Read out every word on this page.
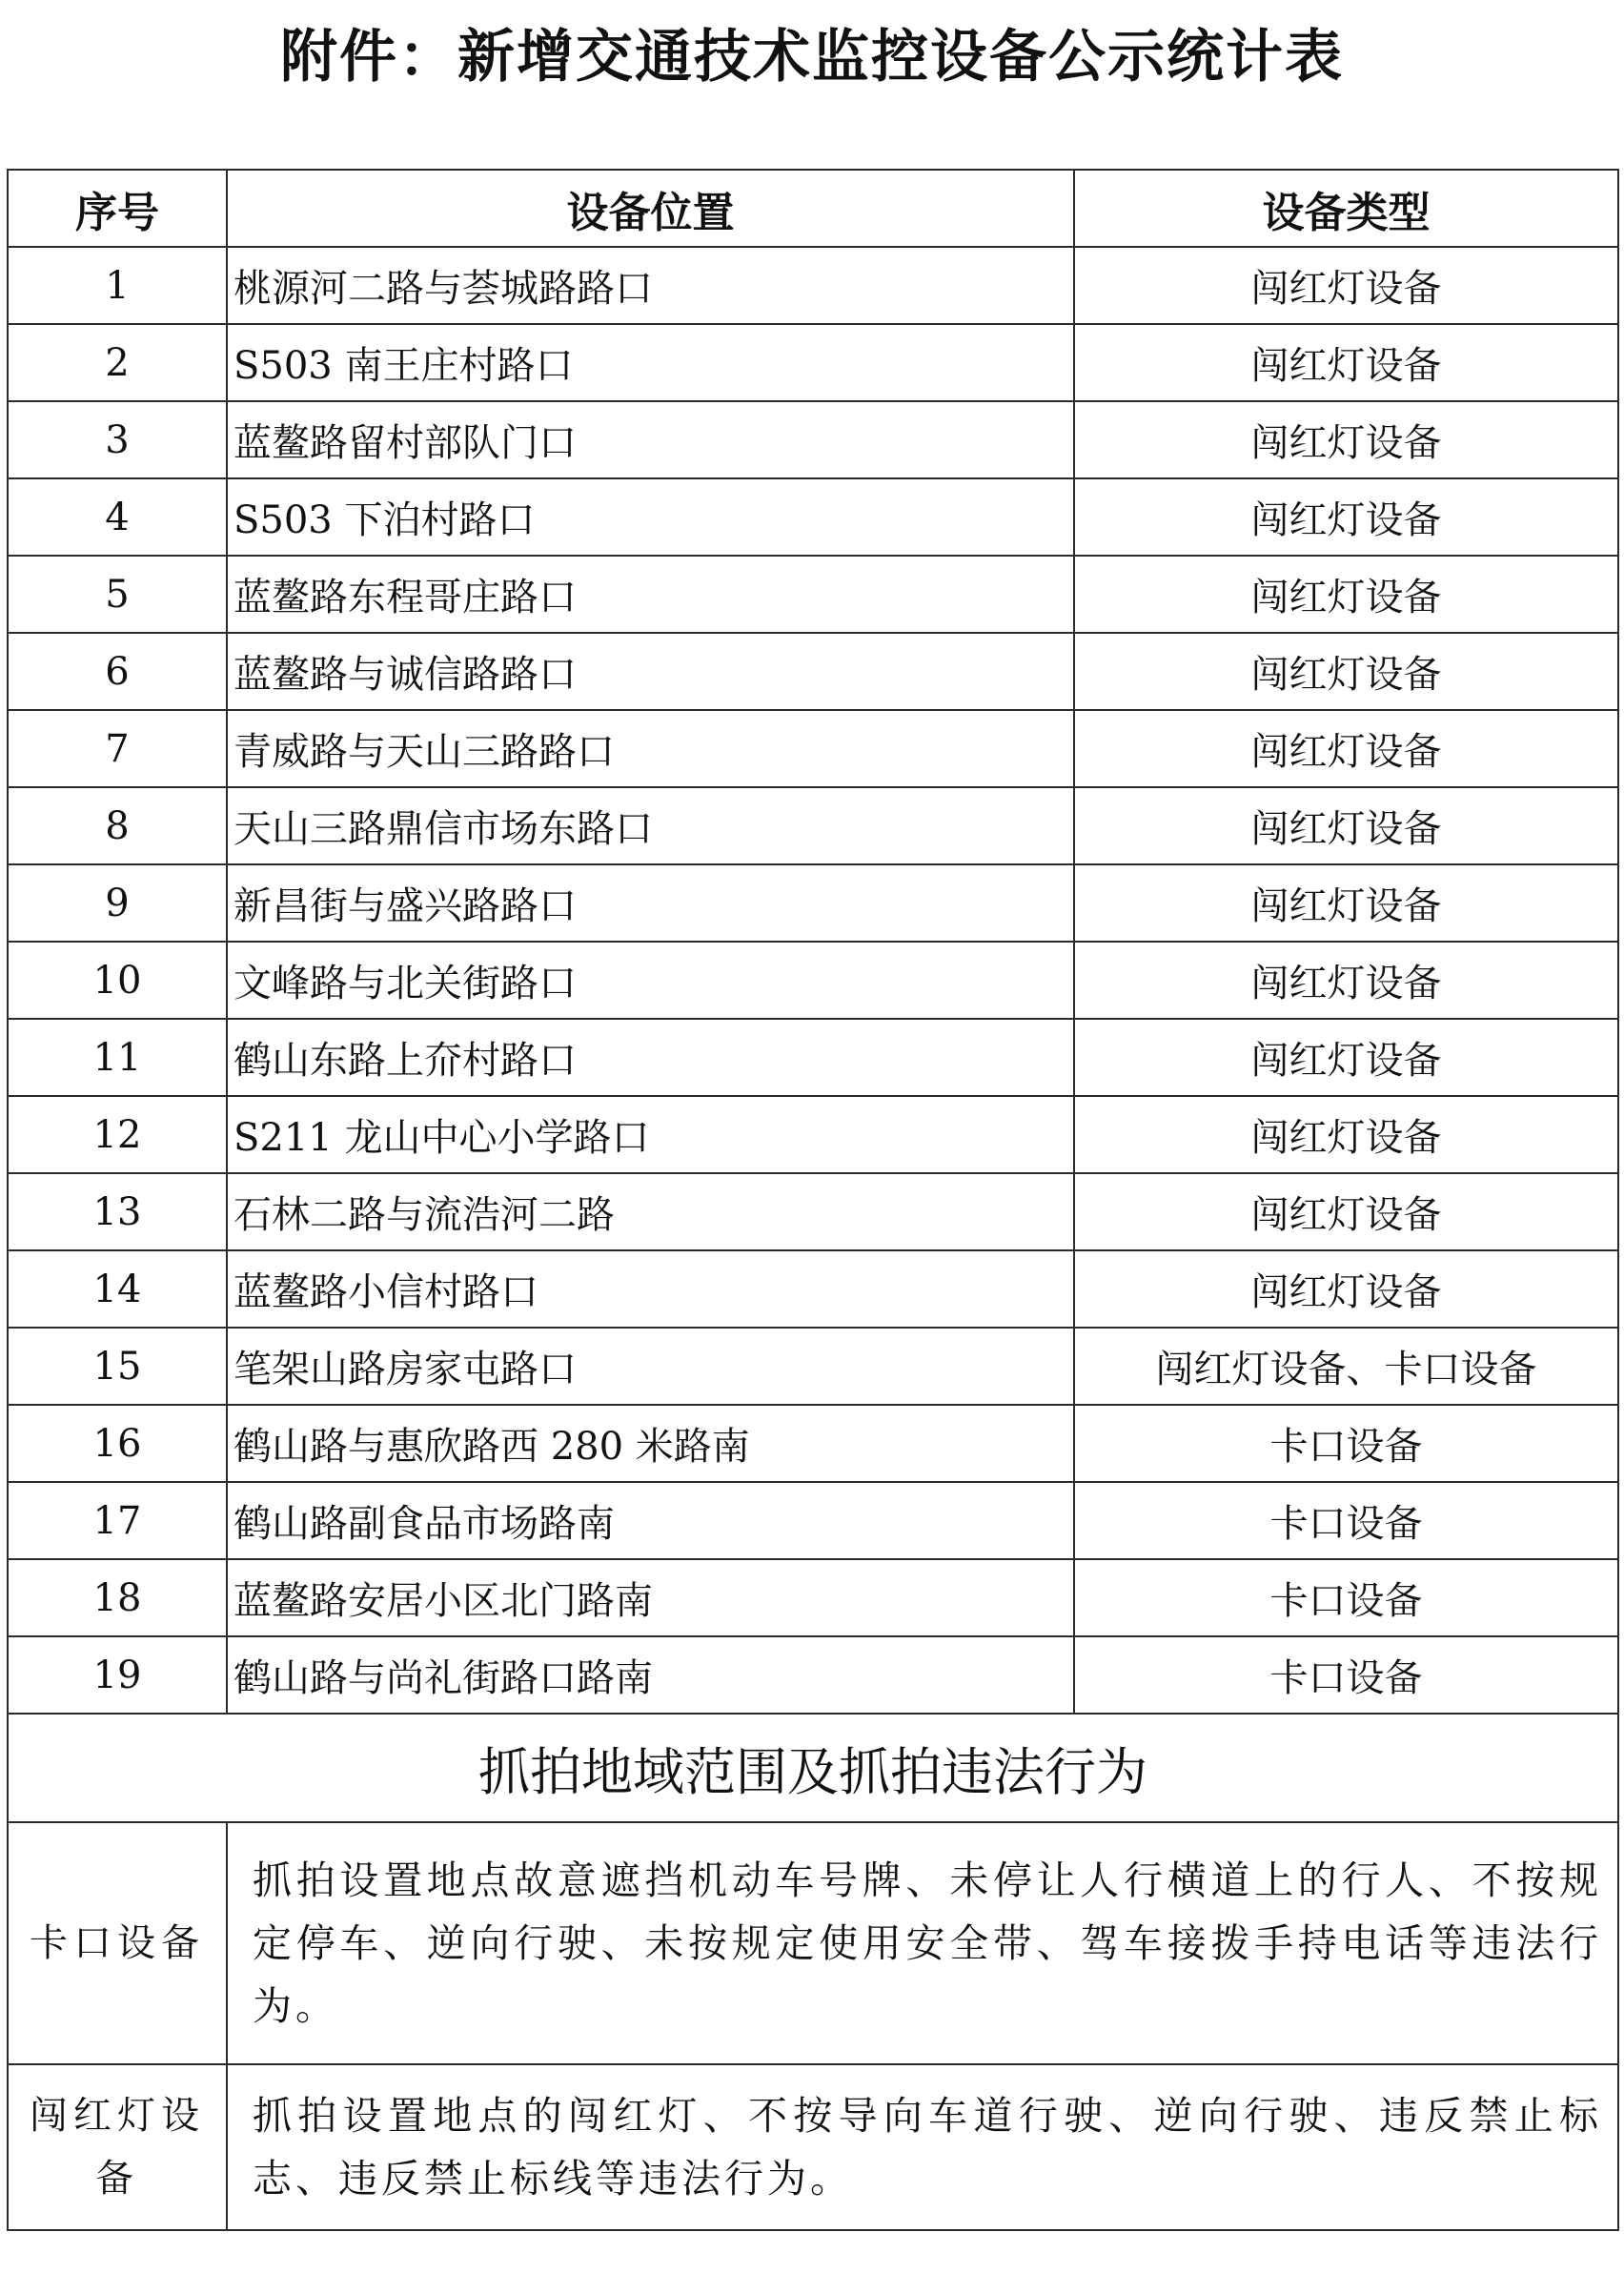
附件：新增交通技术监控设备公示统计表
序号	设备位置	设备类型
1	桃源河二路与荟城路路口	闯红灯设备
2	S503 南王庄村路口	闯红灯设备
3	蓝鳌路留村部队门口	闯红灯设备
4	S503 下泊村路口	闯红灯设备
5	蓝鳌路东程哥庄路口	闯红灯设备
6	蓝鳌路与诚信路路口	闯红灯设备
7	青威路与天山三路路口	闯红灯设备
8	天山三路鼎信市场东路口	闯红灯设备
9	新昌街与盛兴路路口	闯红灯设备
10	文峰路与北关街路口	闯红灯设备
11	鹤山东路上夼村路口	闯红灯设备
12	S211 龙山中心小学路口	闯红灯设备
13	石林二路与流浩河二路	闯红灯设备
14	蓝鳌路小信村路口	闯红灯设备
15	笔架山路房家屯路口	闯红灯设备、卡口设备
16	鹤山路与惠欣路西 280 米路南	卡口设备
17	鹤山路副食品市场路南	卡口设备
18	蓝鳌路安居小区北门路南	卡口设备
19	鹤山路与尚礼街路口路南	卡口设备
抓拍地域范围及抓拍违法行为		
卡口设备	抓拍设置地点故意遮挡机动车号牌、未停让人行横道上的行人、不按规定停车、逆向行驶、未按规定使用安全带、驾车接拨手持电话等违法行为。	
闯红灯设备	抓拍设置地点的闯红灯、不按导向车道行驶、逆向行驶、违反禁止标志、违反禁止标线等违法行为。	
